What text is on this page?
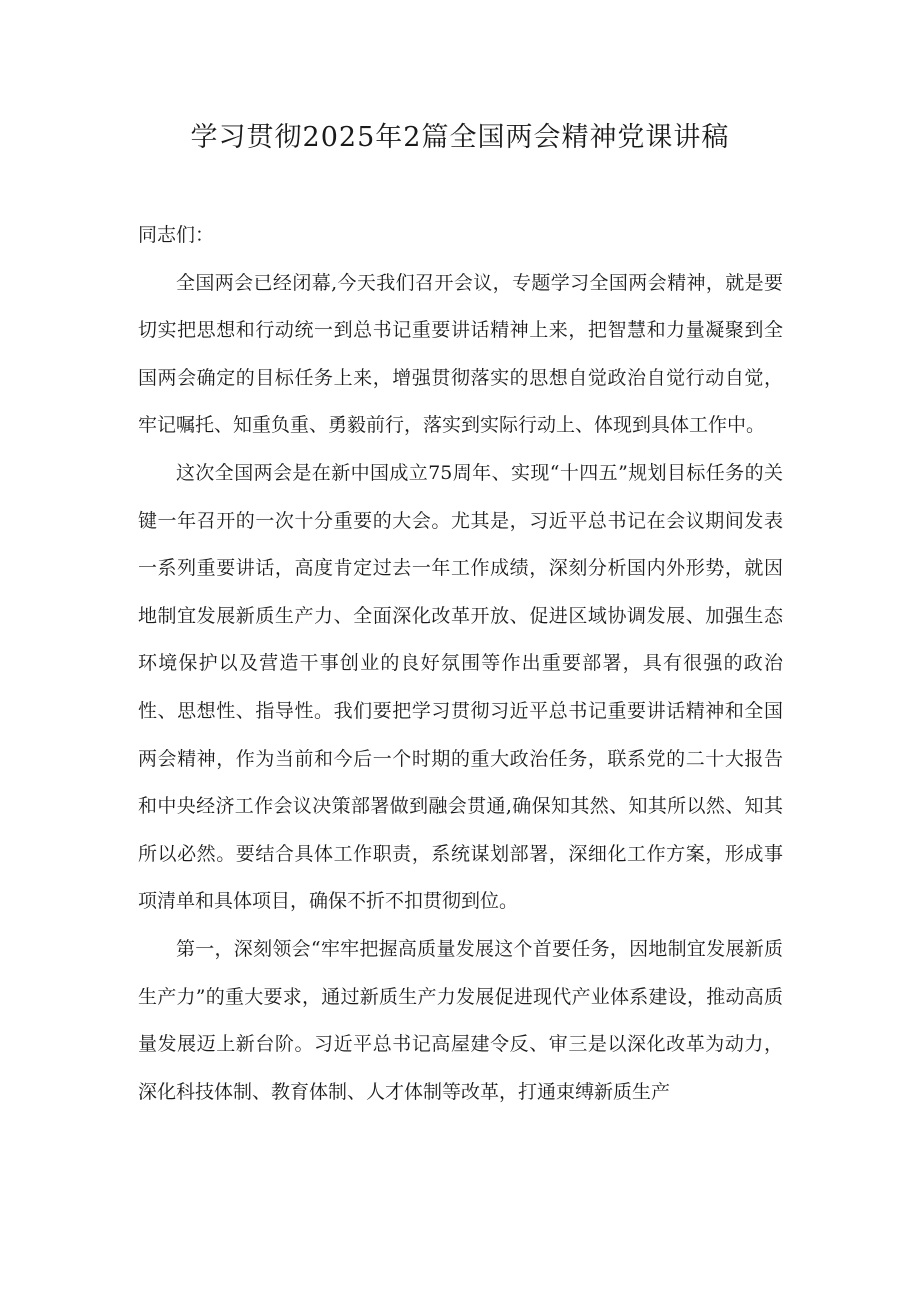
学习贯彻2025年2篇全国两会精神党课讲稿

同志们：

全国两会已经闭幕,今天我们召开会议，专题学习全国两会精神，就是要切实把思想和行动统一到总书记重要讲话精神上来，把智慧和力量凝聚到全国两会确定的目标任务上来，增强贯彻落实的思想自觉政治自觉行动自觉，牢记嘱托、知重负重、勇毅前行，落实到实际行动上、体现到具体工作中。

这次全国两会是在新中国成立75周年、实现“十四五”规划目标任务的关键一年召开的一次十分重要的大会。尤其是，习近平总书记在会议期间发表一系列重要讲话，高度肯定过去一年工作成绩，深刻分析国内外形势，就因地制宜发展新质生产力、全面深化改革开放、促进区域协调发展、加强生态环境保护以及营造干事创业的良好氛围等作出重要部署，具有很强的政治性、思想性、指导性。我们要把学习贯彻习近平总书记重要讲话精神和全国两会精神，作为当前和今后一个时期的重大政治任务，联系党的二十大报告和中央经济工作会议决策部署做到融会贯通,确保知其然、知其所以然、知其所以必然。要结合具体工作职责，系统谋划部署，深细化工作方案，形成事项清单和具体项目，确保不折不扣贯彻到位。

第一，深刻领会“牢牢把握高质量发展这个首要任务，因地制宜发展新质生产力”的重大要求，通过新质生产力发展促进现代产业体系建设，推动高质量发展迈上新台阶。习近平总书记高屋建令反、审三是以深化改革为动力，深化科技体制、教育体制、人才体制等改革，打通束缚新质生产
